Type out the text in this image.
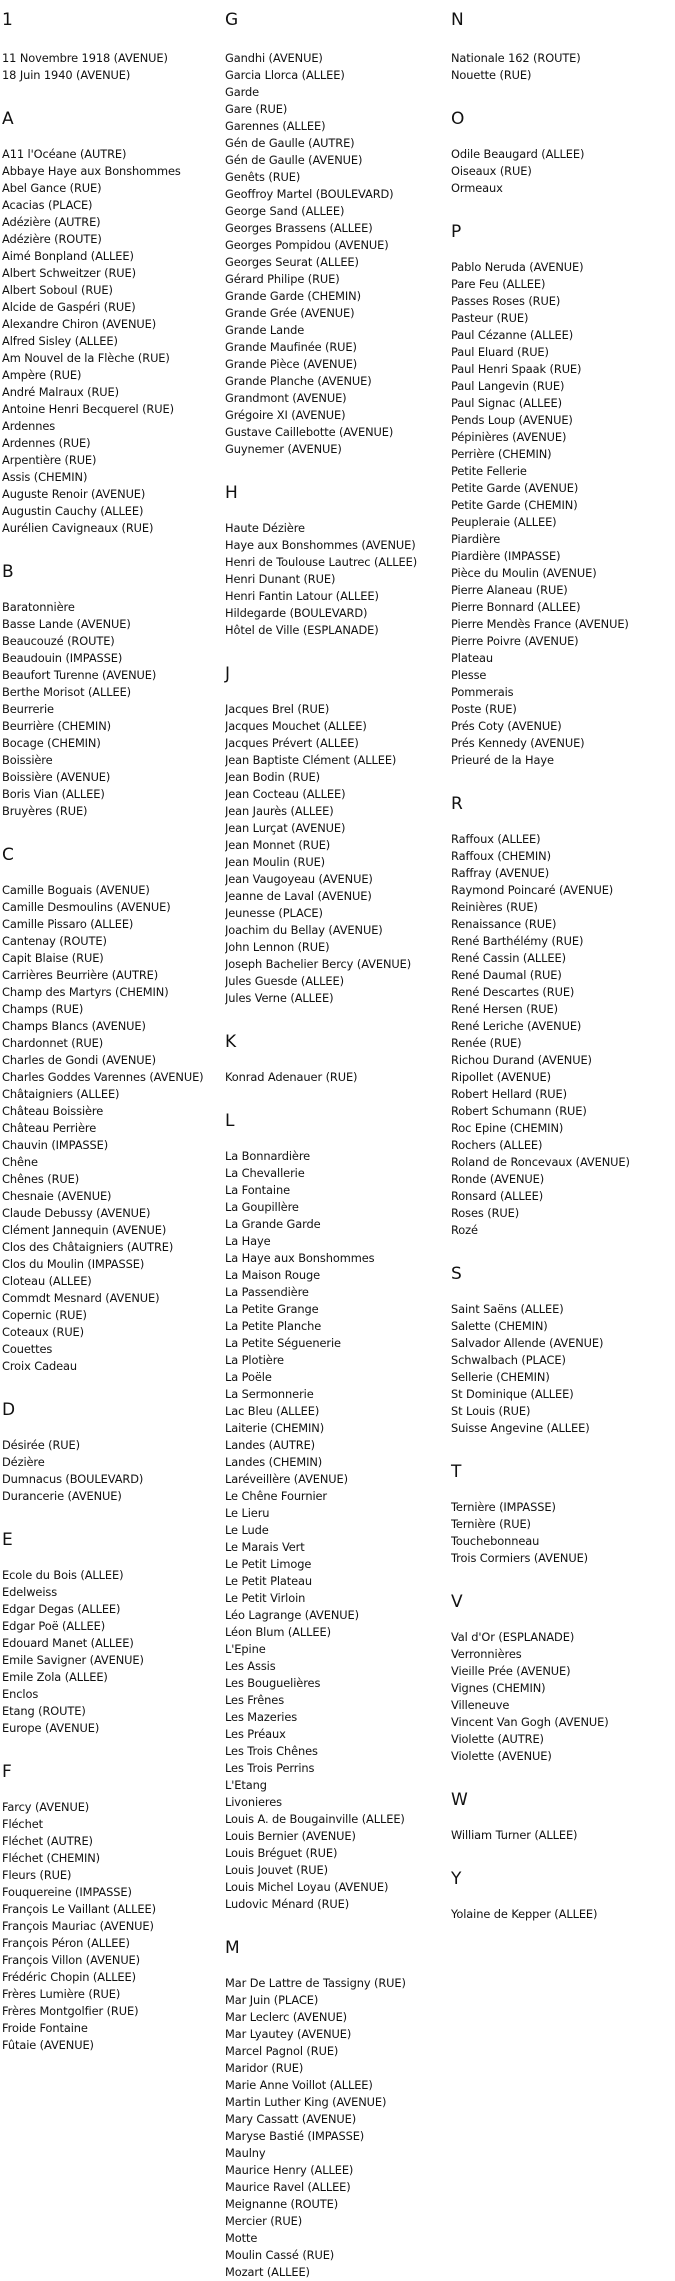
1
11 Novembre 1918 (AVENUE)
18 Juin 1940 (AVENUE)
A
A11 l'Océane (AUTRE)
Abbaye Haye aux Bonshommes
Abel Gance (RUE)
Acacias (PLACE)
Adézière (AUTRE)
Adézière (ROUTE)
Aimé Bonpland (ALLEE)
Albert Schweitzer (RUE)
Albert Soboul (RUE)
Alcide de Gaspéri (RUE)
Alexandre Chiron (AVENUE)
Alfred Sisley (ALLEE)
Am Nouvel de la Flèche (RUE)
Ampère (RUE)
André Malraux (RUE)
Antoine Henri Becquerel (RUE)
Ardennes
Ardennes (RUE)
Arpentière (RUE)
Assis (CHEMIN)
Auguste Renoir (AVENUE)
Augustin Cauchy (ALLEE)
Aurélien Cavigneaux (RUE)
B
Baratonnière
Basse Lande (AVENUE)
Beaucouzé (ROUTE)
Beaudouin (IMPASSE)
Beaufort Turenne (AVENUE)
Berthe Morisot (ALLEE)
Beurrerie
Beurrière (CHEMIN)
Bocage (CHEMIN)
Boissière
Boissière (AVENUE)
Boris Vian (ALLEE)
Bruyères (RUE)
C
Camille Boguais (AVENUE)
Camille Desmoulins (AVENUE)
Camille Pissaro (ALLEE)
Cantenay (ROUTE)
Capit Blaise (RUE)
Carrières Beurrière (AUTRE)
Champ des Martyrs (CHEMIN)
Champs (RUE)
Champs Blancs (AVENUE)
Chardonnet (RUE)
Charles de Gondi (AVENUE)
Charles Goddes Varennes (AVENUE)
Châtaigniers (ALLEE)
Château Boissière
Château Perrière
Chauvin (IMPASSE)
Chêne
Chênes (RUE)
Chesnaie (AVENUE)
Claude Debussy (AVENUE)
Clément Jannequin (AVENUE)
Clos des Châtaigniers (AUTRE)
Clos du Moulin (IMPASSE)
Cloteau (ALLEE)
Commdt Mesnard (AVENUE)
Copernic (RUE)
Coteaux (RUE)
Couettes
Croix Cadeau
D
Désirée (RUE)
Dézière
Dumnacus (BOULEVARD)
Durancerie (AVENUE)
E
Ecole du Bois (ALLEE)
Edelweiss
Edgar Degas (ALLEE)
Edgar Poë (ALLEE)
Edouard Manet (ALLEE)
Emile Savigner (AVENUE)
Emile Zola (ALLEE)
Enclos
Etang (ROUTE)
Europe (AVENUE)
F
Farcy (AVENUE)
Fléchet
Fléchet (AUTRE)
Fléchet (CHEMIN)
Fleurs (RUE)
Fouquereine (IMPASSE)
François Le Vaillant (ALLEE)
François Mauriac (AVENUE)
François Péron (ALLEE)
François Villon (AVENUE)
Frédéric Chopin (ALLEE)
Frères Lumière (RUE)
Frères Montgolfier (RUE)
Froide Fontaine
Fûtaie (AVENUE)
G
Gandhi (AVENUE)
Garcia Llorca (ALLEE)
Garde
Gare (RUE)
Garennes (ALLEE)
Gén de Gaulle (AUTRE)
Gén de Gaulle (AVENUE)
Genêts (RUE)
Geoffroy Martel (BOULEVARD)
George Sand (ALLEE)
Georges Brassens (ALLEE)
Georges Pompidou (AVENUE)
Georges Seurat (ALLEE)
Gérard Philipe (RUE)
Grande Garde (CHEMIN)
Grande Grée (AVENUE)
Grande Lande
Grande Maufinée (RUE)
Grande Pièce (AVENUE)
Grande Planche (AVENUE)
Grandmont (AVENUE)
Grégoire XI (AVENUE)
Gustave Caillebotte (AVENUE)
Guynemer (AVENUE)
H
Haute Dézière
Haye aux Bonshommes (AVENUE)
Henri de Toulouse Lautrec (ALLEE)
Henri Dunant (RUE)
Henri Fantin Latour (ALLEE)
Hildegarde (BOULEVARD)
Hôtel de Ville (ESPLANADE)
J
Jacques Brel (RUE)
Jacques Mouchet (ALLEE)
Jacques Prévert (ALLEE)
Jean Baptiste Clément (ALLEE)
Jean Bodin (RUE)
Jean Cocteau (ALLEE)
Jean Jaurès (ALLEE)
Jean Lurçat (AVENUE)
Jean Monnet (RUE)
Jean Moulin (RUE)
Jean Vaugoyeau (AVENUE)
Jeanne de Laval (AVENUE)
Jeunesse (PLACE)
Joachim du Bellay (AVENUE)
John Lennon (RUE)
Joseph Bachelier Bercy (AVENUE)
Jules Guesde (ALLEE)
Jules Verne (ALLEE)
K
Konrad Adenauer (RUE)
L
La Bonnardière
La Chevallerie
La Fontaine
La Goupillère
La Grande Garde
La Haye
La Haye aux Bonshommes
La Maison Rouge
La Passendière
La Petite Grange
La Petite Planche
La Petite Séguenerie
La Plotière
La Poële
La Sermonnerie
Lac Bleu (ALLEE)
Laiterie (CHEMIN)
Landes (AUTRE)
Landes (CHEMIN)
Laréveillère (AVENUE)
Le Chêne Fournier
Le Lieru
Le Lude
Le Marais Vert
Le Petit Limoge
Le Petit Plateau
Le Petit Virloin
Léo Lagrange (AVENUE)
Léon Blum (ALLEE)
L'Epine
Les Assis
Les Bouguelières
Les Frênes
Les Mazeries
Les Préaux
Les Trois Chênes
Les Trois Perrins
L'Etang
Livonieres
Louis A. de Bougainville (ALLEE)
Louis Bernier (AVENUE)
Louis Bréguet (RUE)
Louis Jouvet (RUE)
Louis Michel Loyau (AVENUE)
Ludovic Ménard (RUE)
M
Mar De Lattre de Tassigny (RUE)
Mar Juin (PLACE)
Mar Leclerc (AVENUE)
Mar Lyautey (AVENUE)
Marcel Pagnol (RUE)
Maridor (RUE)
Marie Anne Voillot (ALLEE)
Martin Luther King (AVENUE)
Mary Cassatt (AVENUE)
Maryse Bastié (IMPASSE)
Maulny
Maurice Henry (ALLEE)
Maurice Ravel (ALLEE)
Meignanne (ROUTE)
Mercier (RUE)
Motte
Moulin Cassé (RUE)
Mozart (ALLEE)
N
Nationale 162 (ROUTE)
Nouette (RUE)
O
Odile Beaugard (ALLEE)
Oiseaux (RUE)
Ormeaux
P
Pablo Neruda (AVENUE)
Pare Feu (ALLEE)
Passes Roses (RUE)
Pasteur (RUE)
Paul Cézanne (ALLEE)
Paul Eluard (RUE)
Paul Henri Spaak (RUE)
Paul Langevin (RUE)
Paul Signac (ALLEE)
Pends Loup (AVENUE)
Pépinières (AVENUE)
Perrière (CHEMIN)
Petite Fellerie
Petite Garde (AVENUE)
Petite Garde (CHEMIN)
Peupleraie (ALLEE)
Piardière
Piardière (IMPASSE)
Pièce du Moulin (AVENUE)
Pierre Alaneau (RUE)
Pierre Bonnard (ALLEE)
Pierre Mendès France (AVENUE)
Pierre Poivre (AVENUE)
Plateau
Plesse
Pommerais
Poste (RUE)
Prés Coty (AVENUE)
Prés Kennedy (AVENUE)
Prieuré de la Haye
R
Raffoux (ALLEE)
Raffoux (CHEMIN)
Raffray (AVENUE)
Raymond Poincaré (AVENUE)
Reinières (RUE)
Renaissance (RUE)
René Barthélémy (RUE)
René Cassin (ALLEE)
René Daumal (RUE)
René Descartes (RUE)
René Hersen (RUE)
René Leriche (AVENUE)
Renée (RUE)
Richou Durand (AVENUE)
Ripollet (AVENUE)
Robert Hellard (RUE)
Robert Schumann (RUE)
Roc Epine (CHEMIN)
Rochers (ALLEE)
Roland de Roncevaux (AVENUE)
Ronde (AVENUE)
Ronsard (ALLEE)
Roses (RUE)
Rozé
S
Saint Saëns (ALLEE)
Salette (CHEMIN)
Salvador Allende (AVENUE)
Schwalbach (PLACE)
Sellerie (CHEMIN)
St Dominique (ALLEE)
St Louis (RUE)
Suisse Angevine (ALLEE)
T
Ternière (IMPASSE)
Ternière (RUE)
Touchebonneau
Trois Cormiers (AVENUE)
V
Val d'Or (ESPLANADE)
Verronnières
Vieille Prée (AVENUE)
Vignes (CHEMIN)
Villeneuve
Vincent Van Gogh (AVENUE)
Violette (AUTRE)
Violette (AVENUE)
W
William Turner (ALLEE)
Y
Yolaine de Kepper (ALLEE)
